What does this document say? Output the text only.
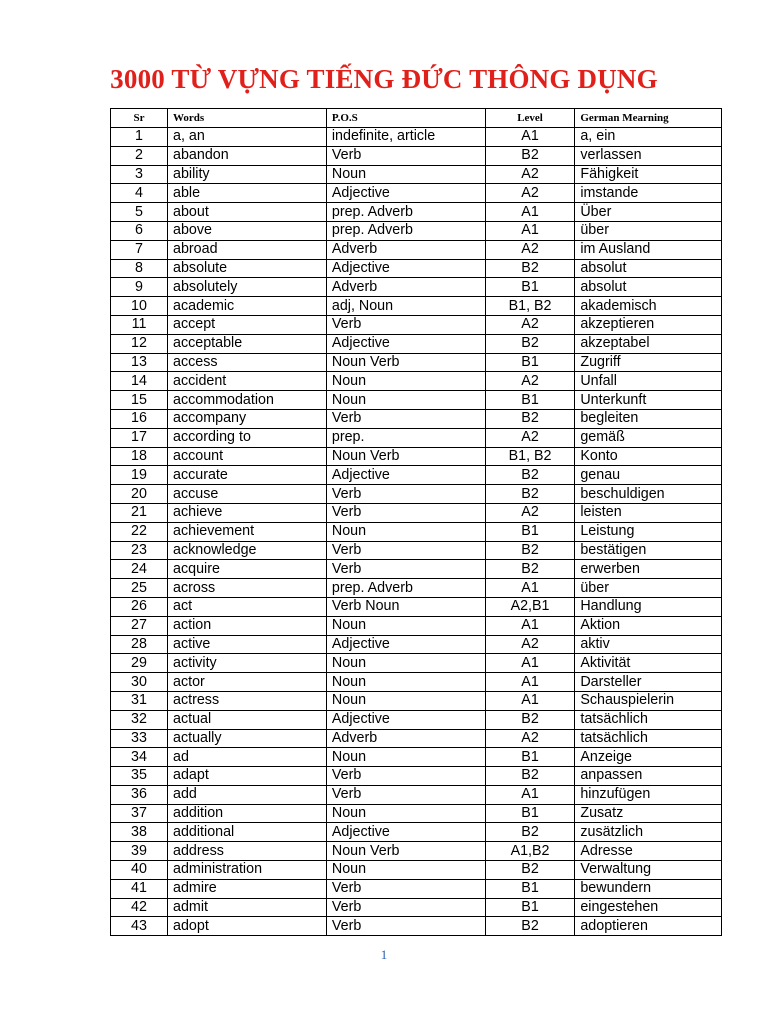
3000 TỪ VỰNG TIẾNG ĐỨC THÔNG DỤNG
Sr	Words	P.O.S	Level	German Mearning
1	a, an	indefinite, article	A1	a, ein
2	abandon	Verb	B2	verlassen
3	ability	Noun	A2	Fähigkeit
4	able	Adjective	A2	imstande
5	about	prep. Adverb	A1	Über
6	above	prep. Adverb	A1	über
7	abroad	Adverb	A2	im Ausland
8	absolute	Adjective	B2	absolut
9	absolutely	Adverb	B1	absolut
10	academic	adj, Noun	B1, B2	akademisch
11	accept	Verb	A2	akzeptieren
12	acceptable	Adjective	B2	akzeptabel
13	access	Noun Verb	B1	Zugriff
14	accident	Noun	A2	Unfall
15	accommodation	Noun	B1	Unterkunft
16	accompany	Verb	B2	begleiten
17	according to	prep.	A2	gemäß
18	account	Noun Verb	B1, B2	Konto
19	accurate	Adjective	B2	genau
20	accuse	Verb	B2	beschuldigen
21	achieve	Verb	A2	leisten
22	achievement	Noun	B1	Leistung
23	acknowledge	Verb	B2	bestätigen
24	acquire	Verb	B2	erwerben
25	across	prep. Adverb	A1	über
26	act	Verb Noun	A2,B1	Handlung
27	action	Noun	A1	Aktion
28	active	Adjective	A2	aktiv
29	activity	Noun	A1	Aktivität
30	actor	Noun	A1	Darsteller
31	actress	Noun	A1	Schauspielerin
32	actual	Adjective	B2	tatsächlich
33	actually	Adverb	A2	tatsächlich
34	ad	Noun	B1	Anzeige
35	adapt	Verb	B2	anpassen
36	add	Verb	A1	hinzufügen
37	addition	Noun	B1	Zusatz
38	additional	Adjective	B2	zusätzlich
39	address	Noun Verb	A1,B2	Adresse
40	administration	Noun	B2	Verwaltung
41	admire	Verb	B1	bewundern
42	admit	Verb	B1	eingestehen
43	adopt	Verb	B2	adoptieren
1
